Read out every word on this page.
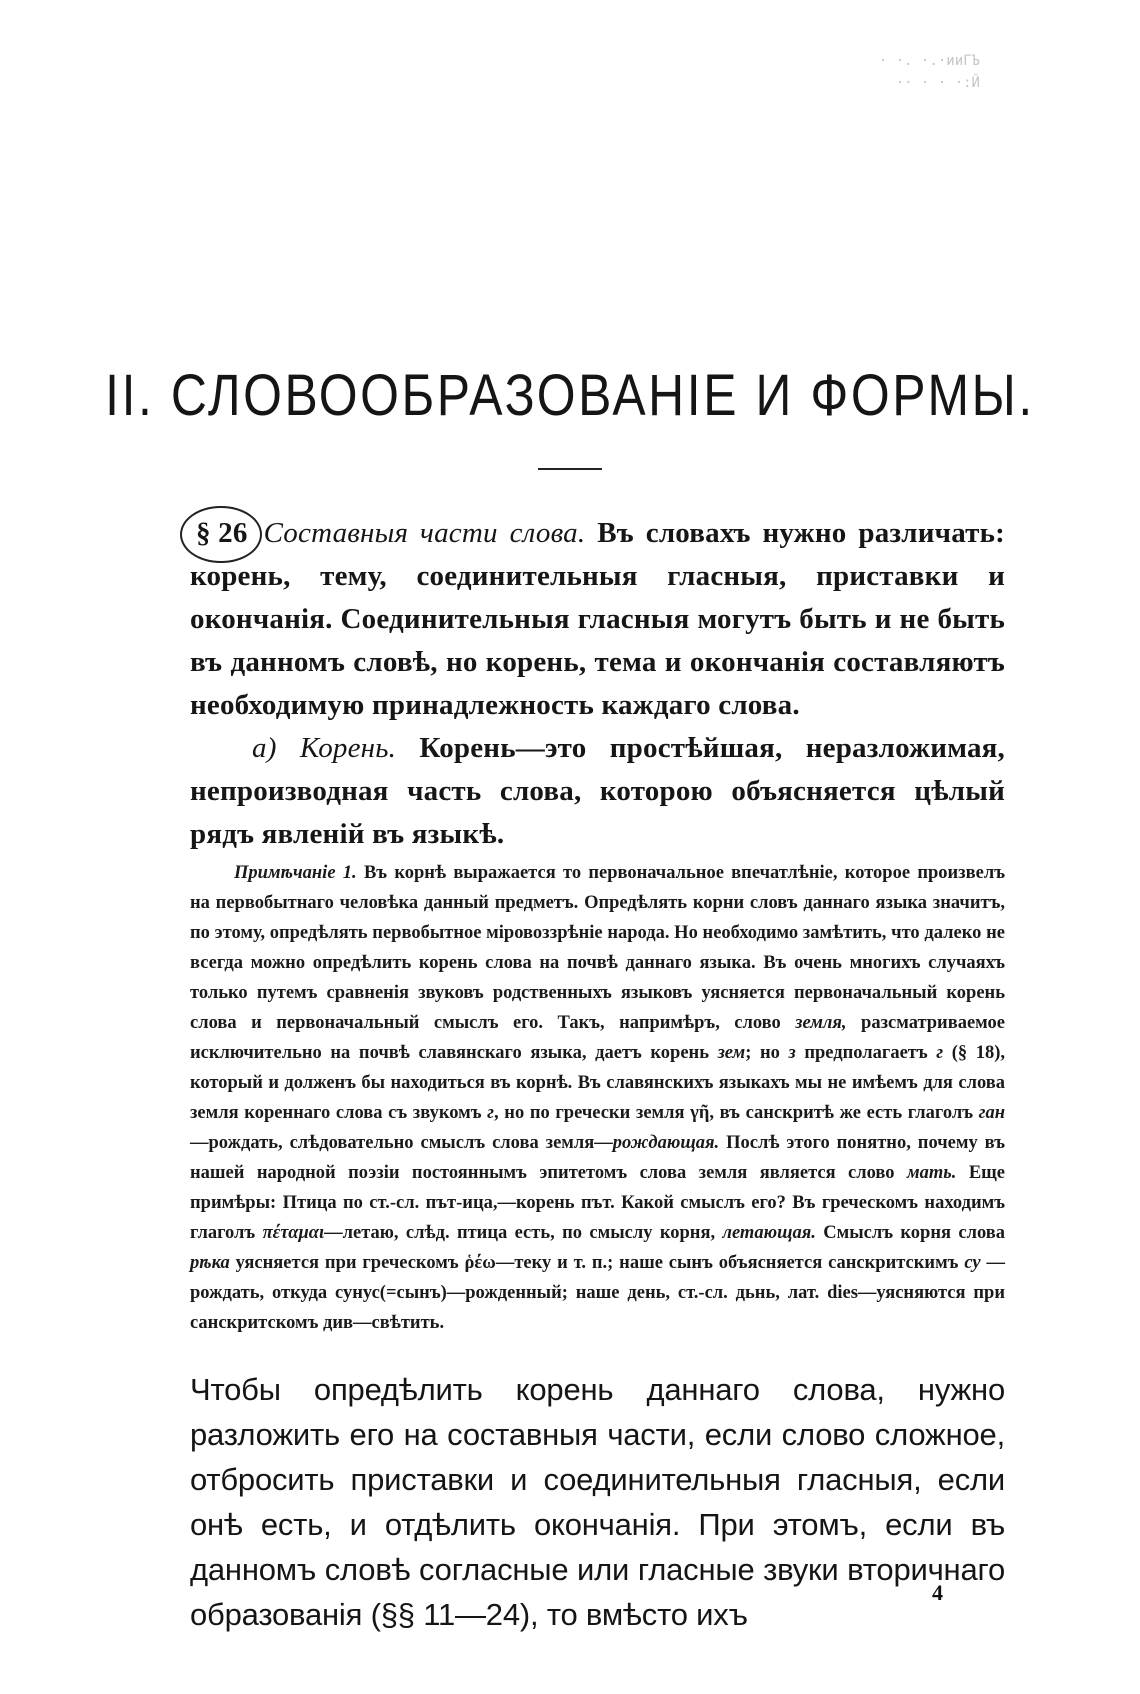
· ·. ·.·ииГЪ
·· · · ·:Й
II. СЛОВООБРАЗОВАНІЕ И ФОРМЫ.

§ 26 Составныя части слова. Въ словахъ нужно различать: корень, тему, соединительныя гласныя, приставки и окончанія. Соединительныя гласныя могутъ быть и не быть въ данномъ словѣ, но корень, тема и окончанія составляютъ необходимую принадлежность каждаго слова.

а) Корень. Корень—это простѣйшая, неразложимая, непроизводная часть слова, которою объясняется цѣлый рядъ явленій въ языкѣ.

Примѣчаніе 1. Въ корнѣ выражается то первоначальное впечатлѣніе, которое произвелъ на первобытнаго человѣка данный предметъ. Опредѣлять корни словъ даннаго языка значитъ, по этому, опредѣлять первобытное міровоззрѣніе народа. Но необходимо замѣтить, что далеко не всегда можно опредѣлить корень слова на почвѣ даннаго языка. Въ очень многихъ случаяхъ только путемъ сравненія звуковъ родственныхъ языковъ уясняется первоначальный корень слова и первоначальный смыслъ его. Такъ, напримѣръ, слово земля, разсматриваемое исключительно на почвѣ славянскаго языка, даетъ корень зем; но з предполагаетъ г (§ 18), который и долженъ бы находиться въ корнѣ. Въ славянскихъ языкахъ мы не имѣемъ для слова земля кореннаго слова съ звукомъ г, но по гречески земля γῆ, въ санскритѣ же есть глаголъ ган—рождать, слѣдовательно смыслъ слова земля—рождающая. Послѣ этого понятно, почему въ нашей народной поэзіи постояннымъ эпитетомъ слова земля является слово мать. Еще примѣры: Птица по ст.-сл. път-ица,—корень път. Какой смыслъ его? Въ греческомъ находимъ глаголъ πέταμαι—летаю, слѣд. птица есть, по смыслу корня, летающая. Смыслъ корня слова рѣка уясняется при греческомъ ῥέω—теку и т. п.; наше сынъ объясняется санскритскимъ су — рождать, откуда сунус(=сынъ)—рожденный; наше день, ст.-сл. дьнь, лат. dies—уясняются при санскритскомъ див—свѣтить.

Чтобы опредѣлить корень даннаго слова, нужно разложить его на составныя части, если слово сложное, отбросить приставки и соединительныя гласныя, если онѣ есть, и отдѣлить окончанія. При этомъ, если въ данномъ словѣ согласные или гласные звуки вторичнаго образованія (§§ 11—24), то вмѣсто ихъ

4
